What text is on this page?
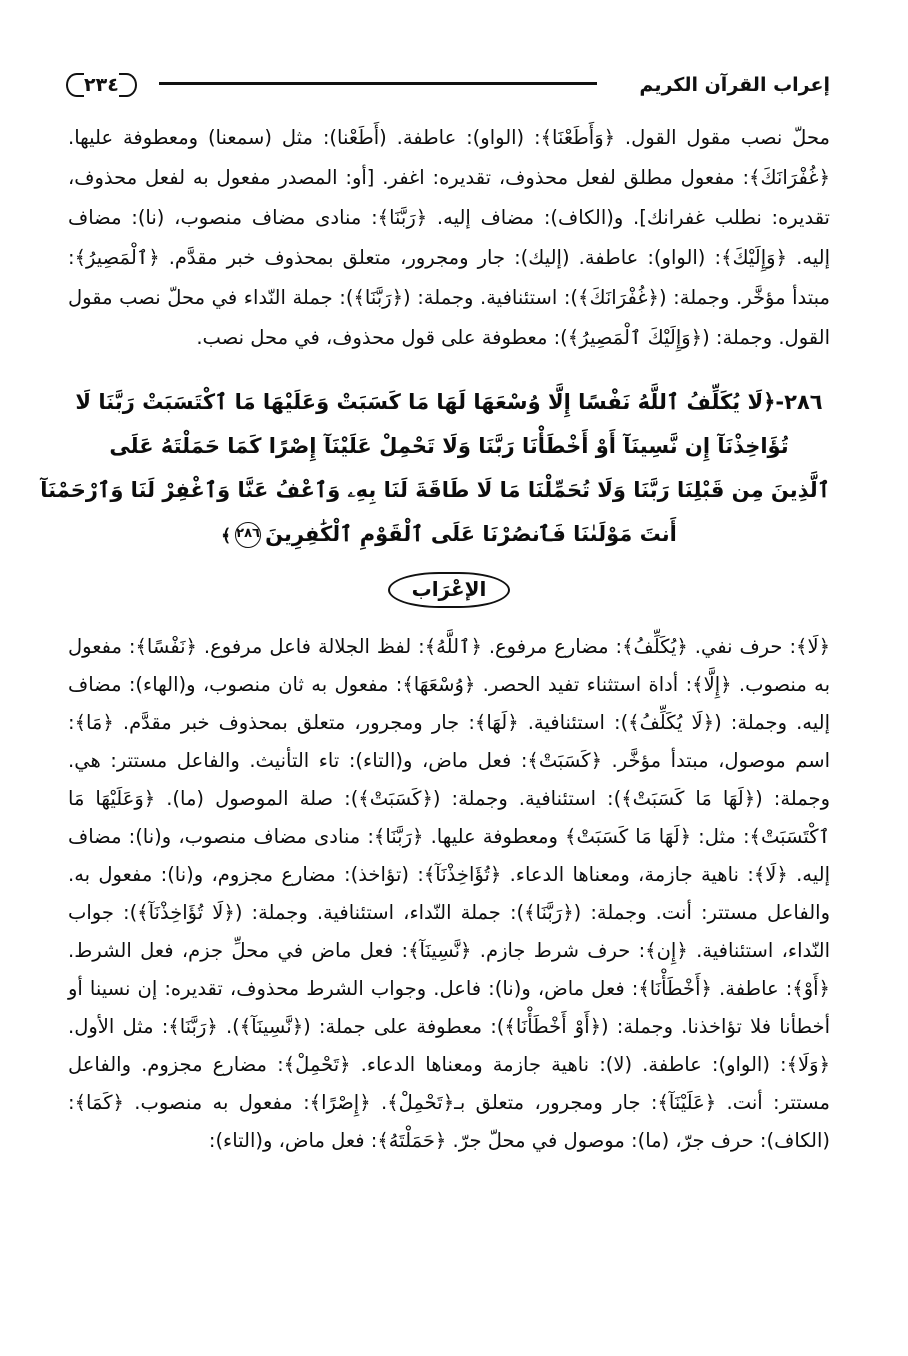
إعراب القرآن الكريم
٢٣٤

محلّ نصب مقول القول. ﴿وَأَطَعْنَا﴾: (الواو): عاطفة. (أَطَعْنا): مثل (سمعنا) ومعطوفة عليها. ﴿غُفْرَانَكَ﴾: مفعول مطلق لفعل محذوف، تقديره: اغفر. [أو: المصدر مفعول به لفعل محذوف، تقديره: نطلب غفرانك]. و(الكاف): مضاف إليه. ﴿رَبَّنَا﴾: منادى مضاف منصوب، (نا): مضاف إليه. ﴿وَإِلَيْكَ﴾: (الواو): عاطفة. (إليك): جار ومجرور، متعلق بمحذوف خبر مقدَّم. ﴿ٱلْمَصِيرُ﴾: مبتدأ مؤخَّر. وجملة: (﴿غُفْرَانَكَ﴾): استئنافية. وجملة: (﴿رَبَّنَا﴾): جملة النّداء في محلّ نصب مقول القول. وجملة: (﴿وَإِلَيْكَ ٱلْمَصِيرُ﴾): معطوفة على قول محذوف، في محل نصب.

٢٨٦-﴿لَا يُكَلِّفُ ٱللَّهُ نَفْسًا إِلَّا وُسْعَهَا لَهَا مَا كَسَبَتْ وَعَلَيْهَا مَا ٱكْتَسَبَتْ رَبَّنَا لَا
تُؤَاخِذْنَآ إِن نَّسِينَآ أَوْ أَخْطَأْنَا رَبَّنَا وَلَا تَحْمِلْ عَلَيْنَآ إِصْرًا كَمَا حَمَلْتَهُ عَلَى
ٱلَّذِينَ مِن قَبْلِنَا رَبَّنَا وَلَا تُحَمِّلْنَا مَا لَا طَاقَةَ لَنَا بِهِۦ وَٱعْفُ عَنَّا وَٱغْفِرْ لَنَا وَٱرْحَمْنَآ
أَنتَ مَوْلَىٰنَا فَٱنصُرْنَا عَلَى ٱلْقَوْمِ ٱلْكَٰفِرِينَ٢٨٦﴾
الإعْرَاب

﴿لَا﴾: حرف نفي. ﴿يُكَلِّفُ﴾: مضارع مرفوع. ﴿ٱللَّهُ﴾: لفظ الجلالة فاعل مرفوع. ﴿نَفْسًا﴾: مفعول به منصوب. ﴿إِلَّا﴾: أداة استثناء تفيد الحصر. ﴿وُسْعَهَا﴾: مفعول به ثان منصوب، و(الهاء): مضاف إليه. وجملة: (﴿لَا يُكَلِّفُ﴾): استئنافية. ﴿لَهَا﴾: جار ومجرور، متعلق بمحذوف خبر مقدَّم. ﴿مَا﴾: اسم موصول، مبتدأ مؤخَّر. ﴿كَسَبَتْ﴾: فعل ماض، و(التاء): تاء التأنيث. والفاعل مستتر: هي. وجملة: (﴿لَهَا مَا كَسَبَتْ﴾): استئنافية. وجملة: (﴿كَسَبَتْ﴾): صلة الموصول (ما). ﴿وَعَلَيْهَا مَا ٱكْتَسَبَتْ﴾: مثل: ﴿لَهَا مَا كَسَبَتْ﴾ ومعطوفة عليها. ﴿رَبَّنَا﴾: منادى مضاف منصوب، و(نا): مضاف إليه. ﴿لَا﴾: ناهية جازمة، ومعناها الدعاء. ﴿تُؤَاخِذْنَآ﴾: (تؤاخذ): مضارع مجزوم، و(نا): مفعول به. والفاعل مستتر: أنت. وجملة: (﴿رَبَّنَا﴾): جملة النّداء، استئنافية. وجملة: (﴿لَا تُؤَاخِذْنَآ﴾): جواب النّداء، استئنافية. ﴿إِن﴾: حرف شرط جازم. ﴿نَّسِينَآ﴾: فعل ماض في محلِّ جزم، فعل الشرط. ﴿أَوْ﴾: عاطفة. ﴿أَخْطَأْنَا﴾: فعل ماض، و(نا): فاعل. وجواب الشرط محذوف، تقديره: إن نسينا أو أخطأنا فلا تؤاخذنا. وجملة: (﴿أَوْ أَخْطَأْنَا﴾): معطوفة على جملة: (﴿نَّسِينَآ﴾). ﴿رَبَّنَا﴾: مثل الأول. ﴿وَلَا﴾: (الواو): عاطفة. (لا): ناهية جازمة ومعناها الدعاء. ﴿تَحْمِلْ﴾: مضارع مجزوم. والفاعل مستتر: أنت. ﴿عَلَيْنَآ﴾: جار ومجرور، متعلق بـ﴿تَحْمِلْ﴾. ﴿إِصْرًا﴾: مفعول به منصوب. ﴿كَمَا﴾: (الكاف): حرف جرّ، (ما): موصول في محلّ جرّ. ﴿حَمَلْتَهُ﴾: فعل ماض، و(التاء):
